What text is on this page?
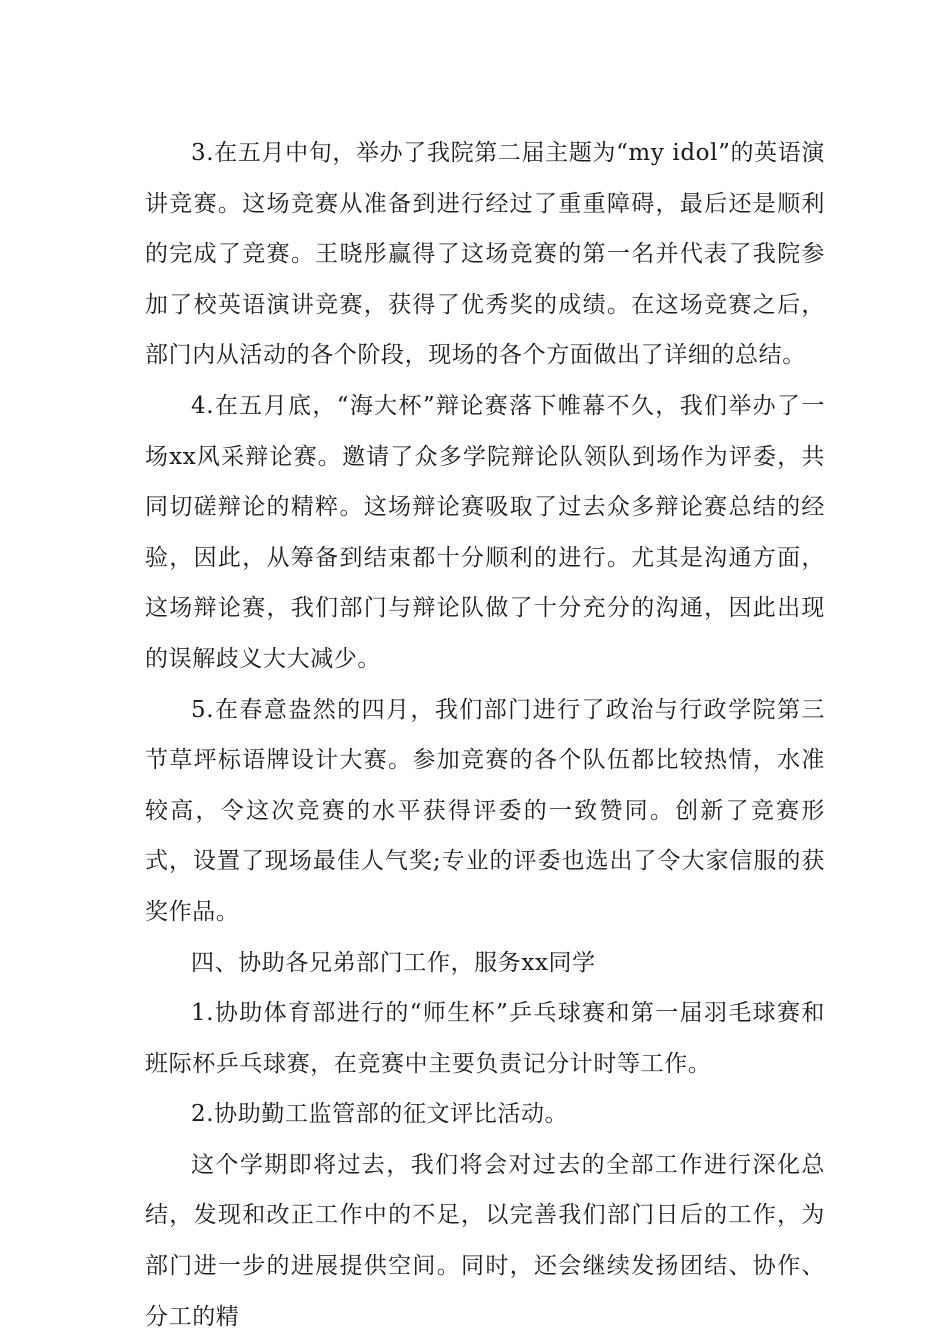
3.在五月中旬，举办了我院第二届主题为“my idol”的英语演讲竞赛。这场竞赛从准备到进行经过了重重障碍，最后还是顺利的完成了竞赛。王晓彤赢得了这场竞赛的第一名并代表了我院参加了校英语演讲竞赛，获得了优秀奖的成绩。在这场竞赛之后，部门内从活动的各个阶段，现场的各个方面做出了详细的总结。

4.在五月底，“海大杯”辩论赛落下帷幕不久，我们举办了一场xx风采辩论赛。邀请了众多学院辩论队领队到场作为评委，共同切磋辩论的精粹。这场辩论赛吸取了过去众多辩论赛总结的经验，因此，从筹备到结束都十分顺利的进行。尤其是沟通方面，这场辩论赛，我们部门与辩论队做了十分充分的沟通，因此出现的误解歧义大大减少。

5.在春意盎然的四月，我们部门进行了政治与行政学院第三节草坪标语牌设计大赛。参加竞赛的各个队伍都比较热情，水准较高，令这次竞赛的水平获得评委的一致赞同。创新了竞赛形式，设置了现场最佳人气奖;专业的评委也选出了令大家信服的获奖作品。

四、协助各兄弟部门工作，服务xx同学

1.协助体育部进行的“师生杯”乒乓球赛和第一届羽毛球赛和班际杯乒乓球赛，在竞赛中主要负责记分计时等工作。

2.协助勤工监管部的征文评比活动。

这个学期即将过去，我们将会对过去的全部工作进行深化总结，发现和改正工作中的不足，以完善我们部门日后的工作，为部门进一步的进展提供空间。同时，还会继续发扬团结、协作、分工的精
